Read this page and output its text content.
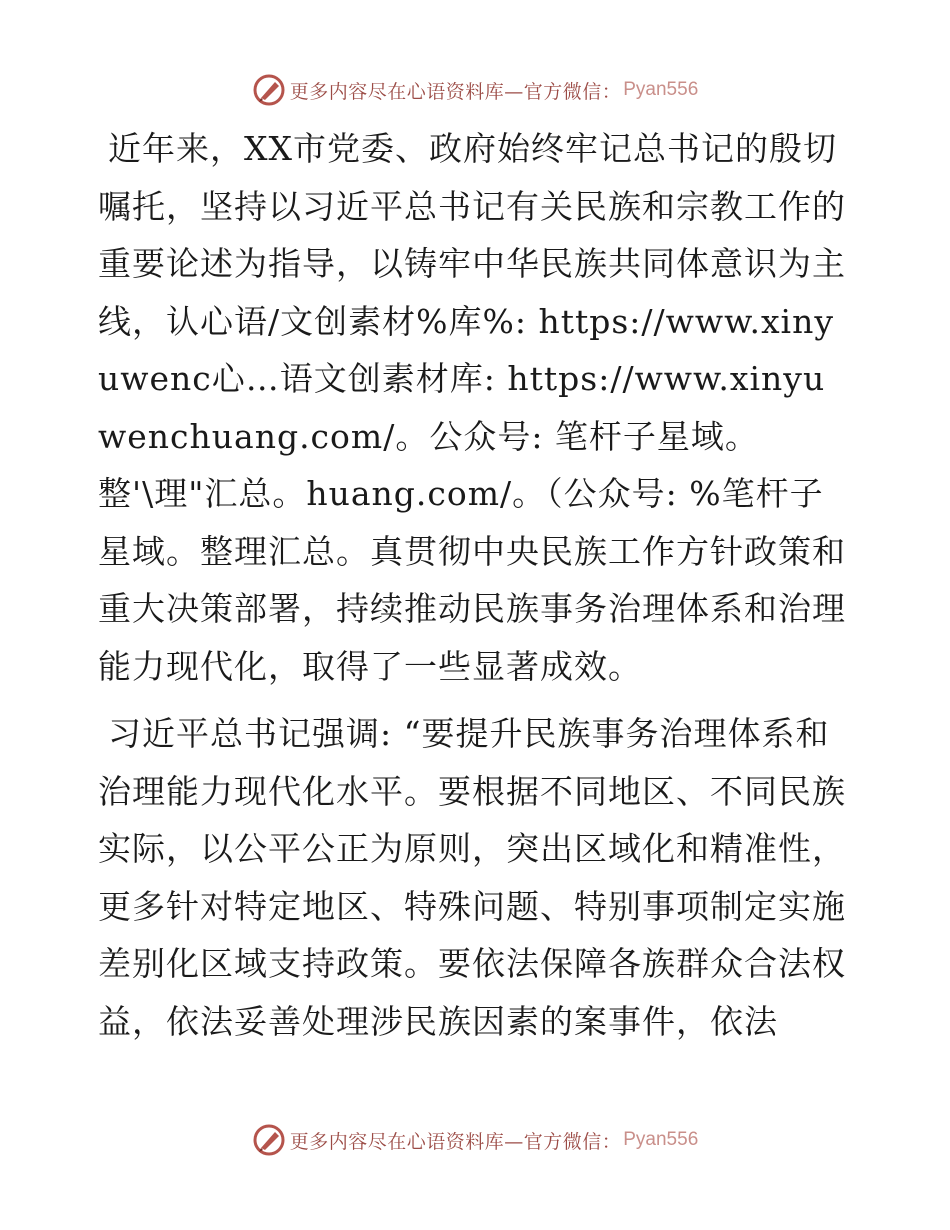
更多内容尽在心语资料库—官方微信： Pyan556

近年来，XX市党委、政府始终牢记总书记的殷切嘱托，坚持以习近平总书记有关民族和宗教工作的重要论述为指导，以铸牢中华民族共同体意识为主线，认心语/文创素材%库%: https://www.xinyuwenc心…语文创素材库: https://www.xinyuwenchuang.com/。公众号: 笔杆子星域。整'\理"汇总。huang.com/。（公众号: %笔杆子星域。整理汇总。真贯彻中央民族工作方针政策和重大决策部署，持续推动民族事务治理体系和治理能力现代化，取得了一些显著成效。

习近平总书记强调: “要提升民族事务治理体系和治理能力现代化水平。要根据不同地区、不同民族实际，以公平公正为原则，突出区域化和精准性，更多针对特定地区、特殊问题、特别事项制定实施差别化区域支持政策。要依法保障各族群众合法权益，依法妥善处理涉民族因素的案事件，依法

更多内容尽在心语资料库—官方微信： Pyan556
